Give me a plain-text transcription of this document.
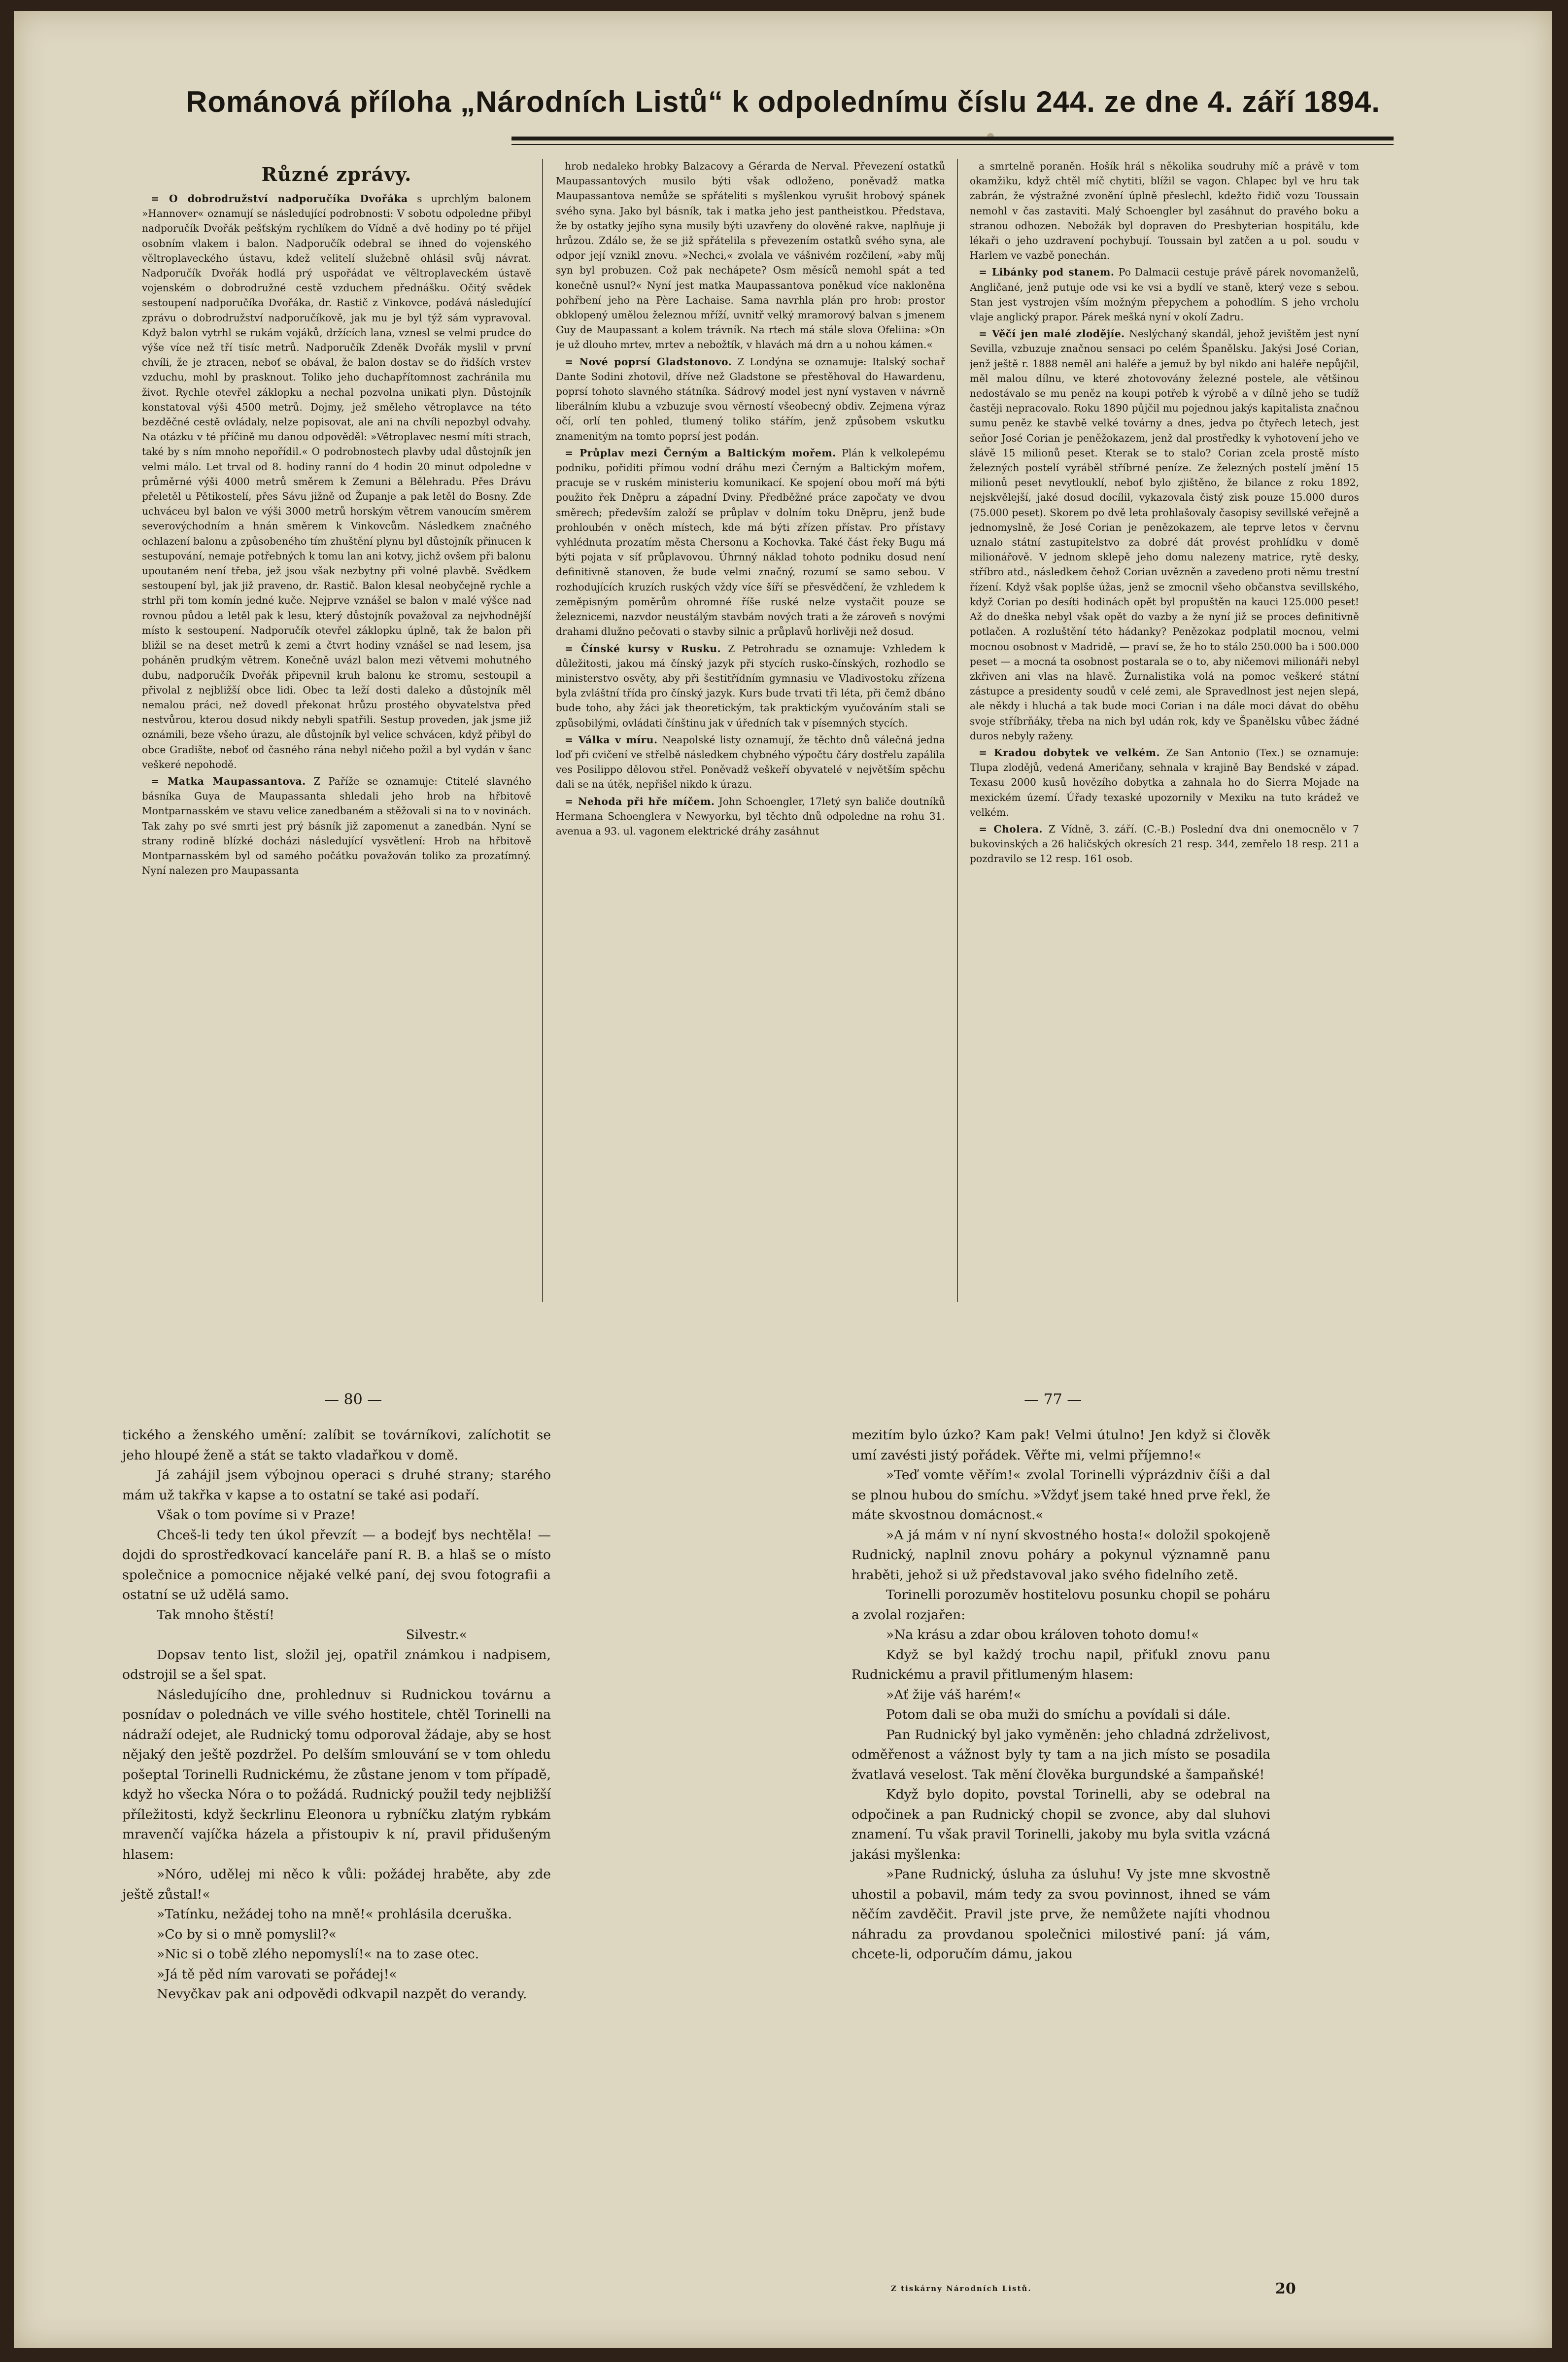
Románová příloha „Národních Listů“ k odpolednímu číslu 244. ze dne 4. září 1894.
Různé zprávy.

= O dobrodružství nadporučíka Dvořáka s uprchlým balonem »Hannover« oznamují se následující podrobnosti: V sobotu odpoledne přibyl nadporučík Dvořák pešťským rychlíkem do Vídně a dvě hodiny po té přijel osobním vlakem i balon. Nadporučík odebral se ihned do vojenského věltroplaveckého ústavu, kdež velitelí služebně ohlásil svůj návrat. Nadporučík Dvořák hodlá prý uspořádat ve věltroplaveckém ústavě vojenském o dobrodružné cestě vzduchem přednášku. Očitý svědek sestoupení nadporučíka Dvořáka, dr. Rastič z Vinkovce, podává následující zprávu o dobrodružství nadporučíkově, jak mu je byl týž sám vypravoval. Když balon vytrhl se rukám vojáků, držících lana, vznesl se velmi prudce do výše více než tří tisíc metrů. Nadporučík Zdeněk Dvořák myslil v první chvíli, že je ztracen, neboť se obával, že balon dostav se do řidších vrstev vzduchu, mohl by prasknout. Toliko jeho duchapřítomnost zachránila mu život. Rychle otevřel záklopku a nechal pozvolna unikati plyn. Důstojník konstatoval výši 4500 metrů. Dojmy, jež směleho větroplavce na této bezděčné cestě ovládaly, nelze popisovat, ale ani na chvíli nepozbyl odvahy. Na otázku v té příčině mu danou odpověděl: »Větroplavec nesmí míti strach, také by s ním mnoho nepořídil.« O podrobnostech plavby udal důstojník jen velmi málo. Let trval od 8. hodiny ranní do 4 hodin 20 minut odpoledne v průměrné výši 4000 metrů směrem k Zemuni a Bělehradu. Přes Drávu přeletěl u Pětikostelí, přes Sávu jižně od Županje a pak letěl do Bosny. Zde uchváceu byl balon ve výši 3000 metrů horským větrem vanoucím směrem severovýchodním a hnán směrem k Vinkovcům. Následkem značného ochlazení balonu a způsobeného tím zhuštění plynu byl důstojník přinucen k sestupování, nemaje potřebných k tomu lan ani kotvy, jichž ovšem při balonu upoutaném není třeba, jež jsou však nezbytny při volné plavbě. Svědkem sestoupení byl, jak již praveno, dr. Rastič. Balon klesal neobyčejně rychle a strhl při tom komín jedné kuče. Nejprve vznášel se balon v malé výšce nad rovnou půdou a letěl pak k lesu, který důstojník považoval za nejvhodnější místo k sestoupení. Nadporučík otevřel záklopku úplně, tak že balon při bližil se na deset metrů k zemi a čtvrt hodiny vznášel se nad lesem, jsa poháněn prudkým větrem. Konečně uvázl balon mezi větvemi mohutného dubu, nadporučík Dvořák připevnil kruh balonu ke stromu, sestoupil a přivolal z nejbližší obce lidi. Obec ta leží dosti daleko a důstojník měl nemalou práci, než dovedl překonat hrůzu prostého obyvatelstva před nestvůrou, kterou dosud nikdy nebyli spatřili. Sestup proveden, jak jsme již oznámili, beze všeho úrazu, ale důstojník byl velice schvácen, když přibyl do obce Gradište, neboť od časného rána nebyl ničeho požil a byl vydán v šanc veškeré nepohodě.

= Matka Maupassantova. Z Paříže se oznamuje: Ctitelé slavného básníka Guya de Maupassanta shledali jeho hrob na hřbitově Montparnasském ve stavu velice zanedbaném a stěžovali si na to v novinách. Tak zahy po své smrti jest prý básník již zapomenut a zanedbán. Nyní se strany rodině blízké docházi následující vysvětlení: Hrob na hřbitově Montparnasském byl od samého počátku považován toliko za prozatímný. Nyní nalezen pro Maupassanta

hrob nedaleko hrobky Balzacovy a Gérarda de Nerval. Převezení ostatků Maupassantových musilo býti však odloženo, poněvadž matka Maupassantova nemůže se spřáteliti s myšlenkou vyrušit hrobový spánek svého syna. Jako byl básník, tak i matka jeho jest pantheistkou. Představa, že by ostatky jejího syna musily býti uzavřeny do olověné rakve, naplňuje ji hrůzou. Zdálo se, že se již spřátelila s převezením ostatků svého syna, ale odpor její vznikl znovu. »Nechci,« zvolala ve vášnivém rozčilení, »aby můj syn byl probuzen. Což pak nechápete? Osm měsíců nemohl spát a teď konečně usnul?« Nyní jest matka Maupassantova poněkud více nakloněna pohřbení jeho na Père Lachaise. Sama navrhla plán pro hrob: prostor obklopený umělou železnou mříží, uvnitř velký mramorový balvan s jmenem Guy de Maupassant a kolem trávník. Na rtech má stále slova Ofeliina: »On je už dlouho mrtev, mrtev a nebožtík, v hlavách má drn a u nohou kámen.«

= Nové poprsí Gladstonovo. Z Londýna se oznamuje: Italský sochař Dante Sodini zhotovil, dříve než Gladstone se přestěhoval do Hawardenu, poprsí tohoto slavného státníka. Sádrový model jest nyní vystaven v návrně liberálním klubu a vzbuzuje svou věrností všeobecný obdiv. Zejmena výraz očí, orlí ten pohled, tlumený toliko stářím, jenž způsobem vskutku znamenitým na tomto poprsí jest podán.

= Průplav mezi Černým a Baltickým mořem. Plán k velkolepému podniku, pořiditi přímou vodní dráhu mezi Černým a Baltickým mořem, pracuje se v ruském ministeriu komunikací. Ke spojení obou moří má býti použito řek Dněpru a západní Dviny. Předběžné práce započaty ve dvou směrech; především založí se průplav v dolním toku Dněpru, jenž bude prohloubén v oněch místech, kde má býti zřízen přístav. Pro přístavy vyhlédnuta prozatím města Chersonu a Kochovka. Také část řeky Bugu má býti pojata v síť průplavovou. Úhrnný náklad tohoto podniku dosud není definitivně stanoven, že bude velmi značný, rozumí se samo sebou. V rozhodujících kruzích ruských vždy více šíří se přesvědčení, že vzhledem k zeměpisným poměrům ohromné říše ruské nelze vystačit pouze se železnicemi, nazvdor neustálým stavbám nových trati a že zároveň s novými drahami dlužno pečovati o stavby silnic a průplavů horlivěji než dosud.

= Čínské kursy v Rusku. Z Petrohradu se oznamuje: Vzhledem k důležitosti, jakou má čínský jazyk při stycích rusko-čínských, rozhodlo se ministerstvo osvěty, aby při šestitřídním gymnasiu ve Vladivostoku zřízena byla zvláštní třída pro čínský jazyk. Kurs bude trvati tři léta, při čemž dbáno bude toho, aby žáci jak theoretickým, tak praktickým vyučováním stali se způsobilými, ovládati čínštinu jak v úředních tak v písemných stycích.

= Válka v míru. Neapolské listy oznamují, že těchto dnů válečná jedna loď při cvičení ve střelbě následkem chybného výpočtu čáry dostřelu zapálila ves Posilippo dělovou střel. Poněvadž veškeří obyvatelé v největším spěchu dali se na útěk, nepřišel nikdo k úrazu.

= Nehoda při hře míčem. John Schoengler, 17letý syn baliče doutníků Hermana Schoenglera v Newyorku, byl těchto dnů odpoledne na rohu 31. avenua a 93. ul. vagonem elektrické dráhy zasáhnut

a smrtelně poraněn. Hošík hrál s několika soudruhy míč a právě v tom okamžiku, když chtěl míč chytiti, blížil se vagon. Chlapec byl ve hru tak zabrán, že výstražné zvonění úplně přeslechl, kdežto řidič vozu Toussain nemohl v čas zastaviti. Malý Schoengler byl zasáhnut do pravého boku a stranou odhozen. Nebožák byl dopraven do Presbyterian hospitálu, kde lékaři o jeho uzdravení pochybují. Toussain byl zatčen a u pol. soudu v Harlem ve vazbě ponechán.

= Libánky pod stanem. Po Dalmacii cestuje právě párek novomanželů, Angličané, jenž putuje ode vsi ke vsi a bydlí ve staně, který veze s sebou. Stan jest vystrojen vším možným přepychem a pohodlím. S jeho vrcholu vlaje anglický prapor. Párek mešká nyní v okolí Zadru.

= Věčí jen malé zlodějíe. Neslýchaný skandál, jehož jevištěm jest nyní Sevilla, vzbuzuje značnou sensaci po celém Španělsku. Jakýsi José Corian, jenž ještě r. 1888 neměl ani haléře a jemuž by byl nikdo ani haléře nepůjčil, měl malou dílnu, ve které zhotovovány železné postele, ale většinou nedostávalo se mu peněz na koupi potřeb k výrobě a v dílně jeho se tudíž častěji nepracovalo. Roku 1890 půjčil mu pojednou jakýs kapitalista značnou sumu peněz ke stavbě velké továrny a dnes, jedva po čtyřech letech, jest seňor José Corian je peněžokazem, jenž dal prostředky k vyhotovení jeho ve slávě 15 milionů peset. Kterak se to stalo? Corian zcela prostě místo železných postelí vyráběl stříbrné peníze. Ze železných postelí jmění 15 milionů peset nevytlouklí, neboť bylo zjištěno, že bilance z roku 1892, nejskvělejší, jaké dosud docílil, vykazovala čistý zisk pouze 15.000 duros (75.000 peset). Skorem po dvě leta prohlašovaly časopisy sevillské veřejně a jednomyslně, že José Corian je penězokazem, ale teprve letos v červnu uznalo státní zastupitelstvo za dobré dát provést prohlídku v domě milionářově. V jednom sklepě jeho domu nalezeny matrice, rytě desky, stříbro atd., následkem čehož Corian uvězněn a zavedeno proti němu trestní řízení. Když však poplše úžas, jenž se zmocnil všeho občanstva sevillského, když Corian po desíti hodinách opět byl propuštěn na kauci 125.000 peset! Až do dneška nebyl však opět do vazby a že nyní již se proces definitivně potlačen. A rozluštění této hádanky? Penězokaz podplatil mocnou, velmi mocnou osobnost v Madridě, — praví se, že ho to stálo 250.000 ba i 500.000 peset — a mocná ta osobnost postarala se o to, aby ničemovi milionáři nebyl zkřiven ani vlas na hlavě. Žurnalistika volá na pomoc veškeré státní zástupce a presidenty soudů v celé zemi, ale Spravedlnost jest nejen slepá, ale někdy i hluchá a tak bude moci Corian i na dále moci dávat do oběhu svoje stříbrňáky, třeba na nich byl udán rok, kdy ve Španělsku vůbec žádné duros nebyly raženy.

= Kradou dobytek ve velkém. Ze San Antonio (Tex.) se oznamuje: Tlupa zlodějů, vedená Američany, sehnala v krajině Bay Bendské v západ. Texasu 2000 kusů hovězího dobytka a zahnala ho do Sierra Mojade na mexickém území. Úřady texaské upozornily v Mexiku na tuto krádež ve velkém.

= Cholera. Z Vídně, 3. září. (C.-B.) Poslední dva dni onemocnělo v 7 bukovinských a 26 haličských okresích 21 resp. 344, zemřelo 18 resp. 211 a pozdravilo se 12 resp. 161 osob.

— 80 —	— 77 —

tického a ženského umění: zalíbit se továrníkovi, zalíchotit se jeho hloupé ženě a stát se takto vladařkou v domě.

Já zahájil jsem výbojnou operaci s druhé strany; starého mám už takřka v kapse a to ostatní se také asi podaří.

Však o tom povíme si v Praze!

Chceš-li tedy ten úkol převzít — a bodejť bys nechtěla! — dojdi do sprostředkovací kanceláře paní R. B. a hlaš se o místo společnice a pomocnice nějaké velké paní, dej svou fotografii a ostatní se už udělá samo.

Tak mnoho štěstí!

Silvestr.«

Dopsav tento list, složil jej, opatřil známkou i nadpisem, odstrojil se a šel spat.

Následujícího dne, prohlednuv si Rudnickou továrnu a posnídav o polednách ve ville svého hostitele, chtěl Torinelli na nádraží odejet, ale Rudnický tomu odporoval žádaje, aby se host nějaký den ještě pozdržel. Po delším smlouvání se v tom ohledu pošeptal Torinelli Rudnickému, že zůstane jenom v tom případě, když ho všecka Nóra o to požádá. Rudnický použil tedy nejbližší příležitosti, když šeckrlinu Eleonora u rybníčku zlatým rybkám mravenčí vajíčka házela a přistoupiv k ní, pravil přidušeným hlasem:

»Nóro, udělej mi něco k vůli: požádej hraběte, aby zde ještě zůstal!«

»Tatínku, nežádej toho na mně!« prohlásila dceruška.

»Co by si o mně pomyslil?«

»Nic si o tobě zlého nepomyslí!« na to zase otec.

»Já tě pěd ním varovati se pořádej!«

Nevyčkav pak ani odpovědi odkvapil nazpět do verandy.

mezitím bylo úzko? Kam pak! Velmi útulno! Jen když si člověk umí zavésti jistý pořádek. Věřte mi, velmi příjemno!«

»Teď vomte věřím!« zvolal Torinelli výprázdniv číši a dal se plnou hubou do smíchu. »Vždyť jsem také hned prve řekl, že máte skvostnou domácnost.«

»A já mám v ní nyní skvostného hosta!« doložil spokojeně Rudnický, naplnil znovu poháry a pokynul významně panu hraběti, jehož si už představoval jako svého fidelního zetě.

Torinelli porozuměv hostitelovu posunku chopil se poháru a zvolal rozjařen:

»Na krásu a zdar obou královen tohoto domu!«

Když se byl každý trochu napil, přiťukl znovu panu Rudnickému a pravil přitlumeným hlasem:

»Ať žije váš harém!«

Potom dali se oba muži do smíchu a povídali si dále.

Pan Rudnický byl jako vyměněn: jeho chladná zdrželivost, odměřenost a vážnost byly ty tam a na jich místo se posadila žvatlavá veselost. Tak mění člověka burgundské a šampaňské!

Když bylo dopito, povstal Torinelli, aby se odebral na odpočinek a pan Rudnický chopil se zvonce, aby dal sluhovi znamení. Tu však pravil Torinelli, jakoby mu byla svitla vzácná jakási myšlenka:

»Pane Rudnický, úsluha za úsluhu! Vy jste mne skvostně uhostil a pobavil, mám tedy za svou povinnost, ihned se vám něčím zavděčit. Pravil jste prve, že nemůžete najíti vhodnou náhradu za provdanou společnici milostivé paní: já vám, chcete-li, odporučím dámu, jakou

Z tiskárny Národních Listů.	20
